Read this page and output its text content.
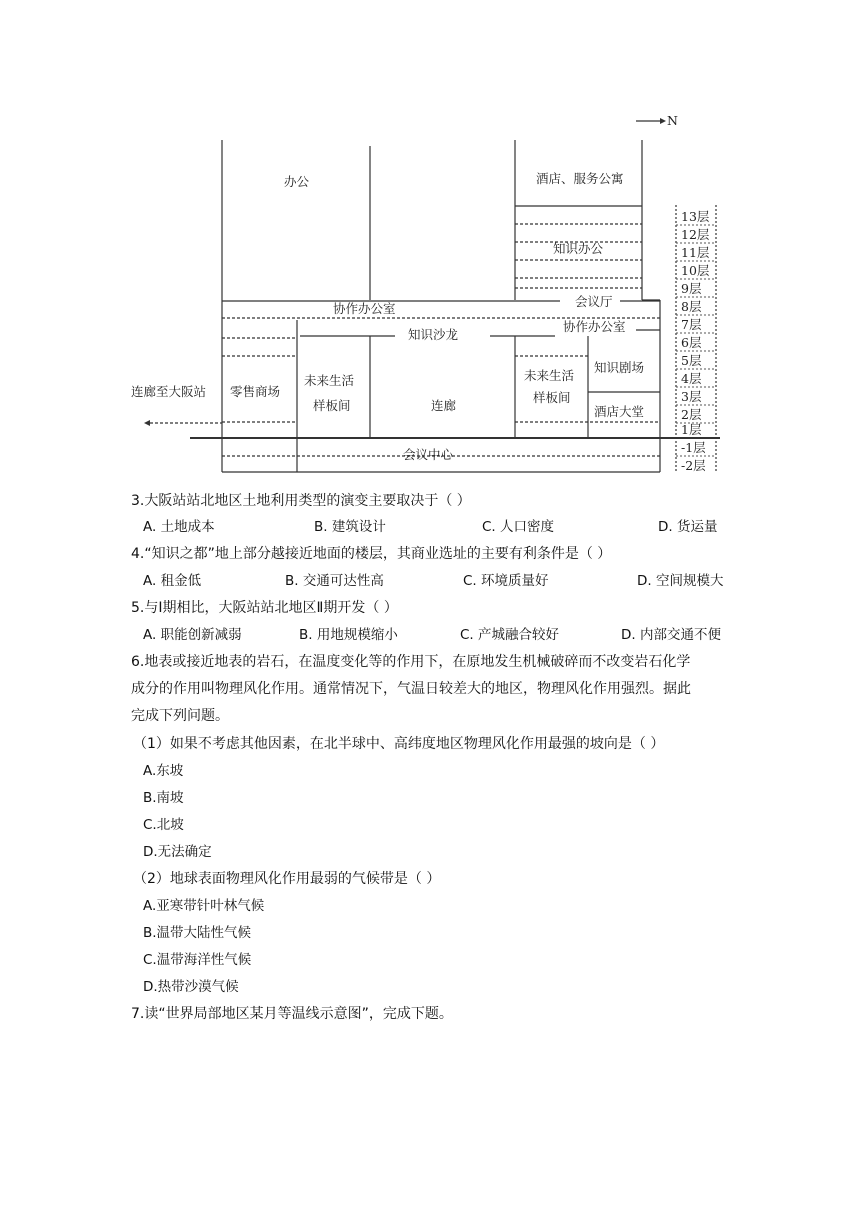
N
办公	酒店、服务公寓
知识办公
协作办公室	会议厅
知识沙龙
协作办公室
零售商场
未来生活
样板间	连廊
未来生活
样板间
知识剧场
酒店大堂
会议中心
连廊至大阪站
13层
12层
11层
10层
9层
8层
7层
6层
5层
4层
3层
2层
1层
-1层
-2层
3.大阪站站北地区土地利用类型的演变主要取决于（ ）
A. 土地成本	B. 建筑设计	C. 人口密度	D. 货运量
4.“知识之都”地上部分越接近地面的楼层，其商业选址的主要有利条件是（ ）
A. 租金低	B. 交通可达性高	C. 环境质量好	D. 空间规模大
5.与Ⅰ期相比，大阪站站北地区Ⅱ期开发（ ）
A. 职能创新减弱	B. 用地规模缩小	C. 产城融合较好	D. 内部交通不便
6.地表或接近地表的岩石，在温度变化等的作用下，在原地发生机械破碎而不改变岩石化学
成分的作用叫物理风化作用。通常情况下，气温日较差大的地区，物理风化作用强烈。据此
完成下列问题。
（1）如果不考虑其他因素，在北半球中、高纬度地区物理风化作用最强的坡向是（ ）
A.东坡
B.南坡
C.北坡
D.无法确定
（2）地球表面物理风化作用最弱的气候带是（ ）
A.亚寒带针叶林气候
B.温带大陆性气候
C.温带海洋性气候
D.热带沙漠气候
7.读“世界局部地区某月等温线示意图”，完成下题。
